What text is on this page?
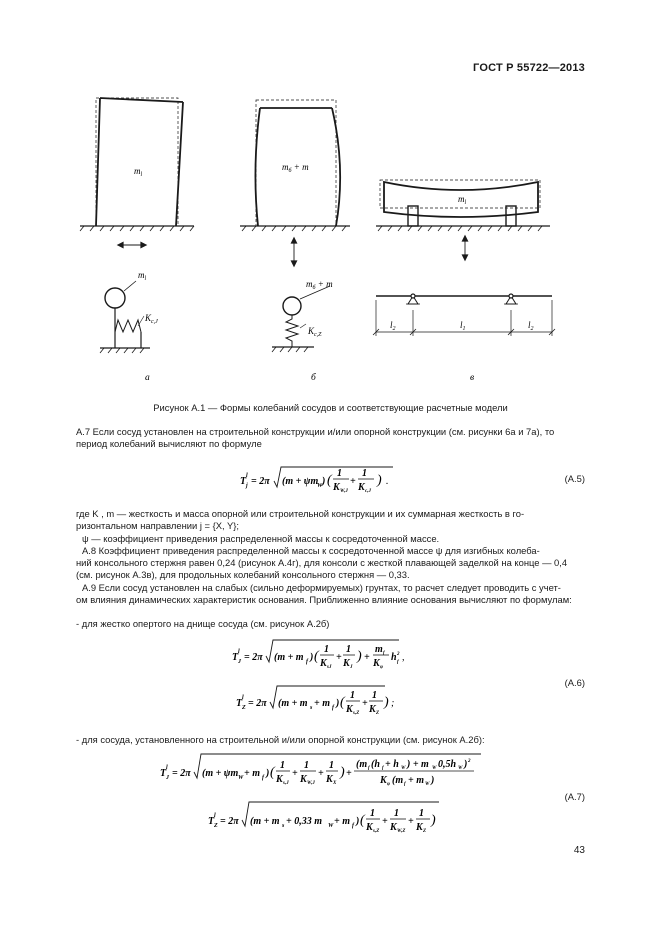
ГОСТ Р 55722—2013
$m_l$
$m_l$
$K_{c,J}$
$m_б + m$
$m_б + m$
$K_{c,Z}$
$m_l$
$l_2$	$l_1$	$l_2$
а	б	в
Рисунок А.1 — Формы колебаний сосудов и соответствующие расчетные модели
А.7 Если сосуд установлен на строительной конструкции и/или опорной конструкции (см. рисунки 6а и 7а), то
период колебаний вычисляют по формуле
T j
l = 2π (m + ψm
W ) ( 1
K W,J
+
1
K c,J
) .	(А.5)
где K , m — жесткость и масса опорной или строительной конструкции и их суммарная жесткость в го-
ризонтальном направлении j = {X, Y};
ψ — коэффициент приведения распределенной массы к сосредоточенной массе.
А.8 Коэффициент приведения распределенной массы к сосредоточенной массе ψ для изгибных колеба-
ний консольного стержня равен 0,24 (рисунок А.4г), для консоли с жесткой плавающей заделкой на конце — 0,4
(см. рисунок А.3в), для продольных колебаний консольного стержня — 0,33.
А.9 Если сосуд установлен на слабых (сильно деформируемых) грунтах, то расчет следует проводить с учет-
ом влияния динамических характеристик основания. Приближенно влияние основания вычисляют по формулам:
- для жестко опертого на днище сосуда (см. рисунок А.2б)
T J
l = 2π (m + m f ) ( 1
K sJ
+
1
K J
) +
m f
K φ
h f
2 ,
T Z
l = 2π (m + m s + m f ) ( 1
K s,Z
+
1
K Z
) ;
(А.6)
- для сосуда, установленного на строительной и/или опорной конструкции (см. рисунок А.2б):
T J
l = 2π (m + ψm W + m f ) ( 1
K s,J
+
1
K W,J
+
1
K X
) +
(m f (h f + h W ) + m W 0,5h W ) 2
K φ (m f + m W )
T Z
l = 2π (m + m s + 0,33 m W + m f ) ( 1
K s,Z
+
1
K W,Z
+
1
K Z
)
(А.7)
43
